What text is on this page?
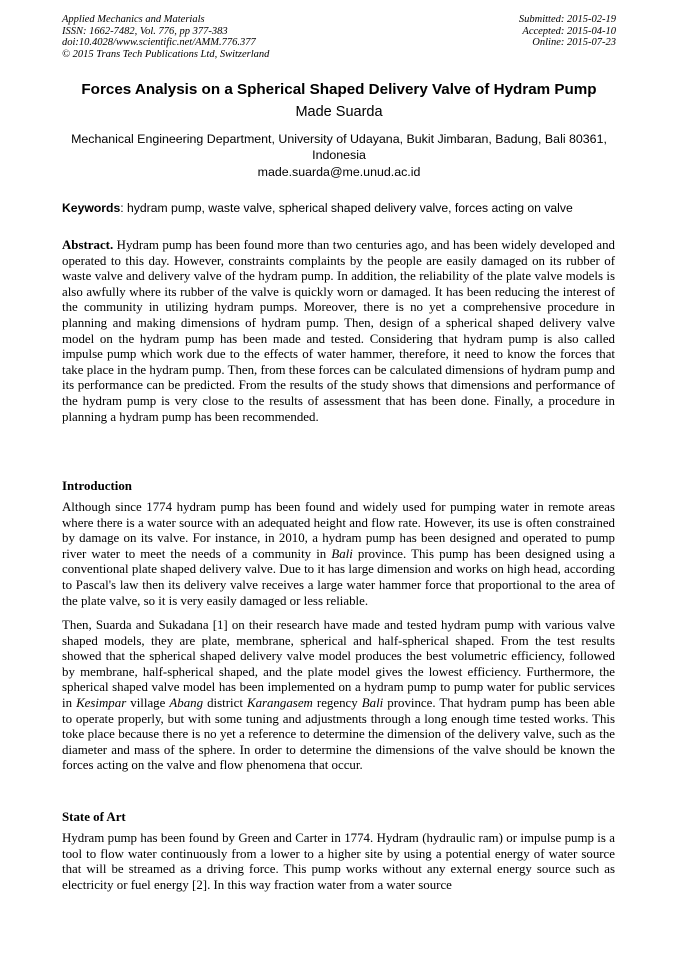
Applied Mechanics and Materials
ISSN: 1662-7482, Vol. 776, pp 377-383
doi:10.4028/www.scientific.net/AMM.776.377
© 2015 Trans Tech Publications Ltd, Switzerland
Submitted: 2015-02-19
Accepted: 2015-04-10
Online: 2015-07-23
Forces Analysis on a Spherical Shaped Delivery Valve of Hydram Pump
Made Suarda
Mechanical Engineering Department, University of Udayana, Bukit Jimbaran, Badung, Bali 80361, Indonesia
made.suarda@me.unud.ac.id
Keywords: hydram pump, waste valve, spherical shaped delivery valve, forces acting on valve
Abstract. Hydram pump has been found more than two centuries ago, and has been widely developed and operated to this day. However, constraints complaints by the people are easily damaged on its rubber of waste valve and delivery valve of the hydram pump. In addition, the reliability of the plate valve models is also awfully where its rubber of the valve is quickly worn or damaged. It has been reducing the interest of the community in utilizing hydram pumps. Moreover, there is no yet a comprehensive procedure in planning and making dimensions of hydram pump. Then, design of a spherical shaped delivery valve model on the hydram pump has been made and tested. Considering that hydram pump is also called impulse pump which work due to the effects of water hammer, therefore, it need to know the forces that take place in the hydram pump. Then, from these forces can be calculated dimensions of hydram pump and its performance can be predicted. From the results of the study shows that dimensions and performance of the hydram pump is very close to the results of assessment that has been done. Finally, a procedure in planning a hydram pump has been recommended.
Introduction
Although since 1774 hydram pump has been found and widely used for pumping water in remote areas where there is a water source with an adequated height and flow rate. However, its use is often constrained by damage on its valve. For instance, in 2010, a hydram pump has been designed and operated to pump river water to meet the needs of a community in Bali province. This pump has been designed using a conventional plate shaped delivery valve. Due to it has large dimension and works on high head, according to Pascal's law then its delivery valve receives a large water hammer force that proportional to the area of the plate valve, so it is very easily damaged or less reliable.
Then, Suarda and Sukadana [1] on their research have made and tested hydram pump with various valve shaped models, they are plate, membrane, spherical and half-spherical shaped. From the test results showed that the spherical shaped delivery valve model produces the best volumetric efficiency, followed by membrane, half-spherical shaped, and the plate model gives the lowest efficiency. Furthermore, the spherical shaped valve model has been implemented on a hydram pump to pump water for public services in Kesimpar village Abang district Karangasem regency Bali province. That hydram pump has been able to operate properly, but with some tuning and adjustments through a long enough time tested works. This toke place because there is no yet a reference to determine the dimension of the delivery valve, such as the diameter and mass of the sphere. In order to determine the dimensions of the valve should be known the forces acting on the valve and flow phenomena that occur.
State of Art
Hydram pump has been found by Green and Carter in 1774. Hydram (hydraulic ram) or impulse pump is a tool to flow water continuously from a lower to a higher site by using a potential energy of water source that will be streamed as a driving force. This pump works without any external energy source such as electricity or fuel energy [2]. In this way fraction water from a water source
